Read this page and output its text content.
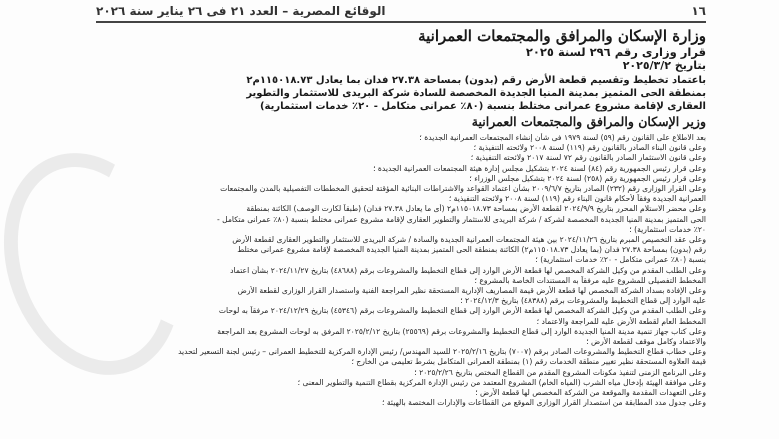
١٦
الوقائع المصرية – العدد ٢١ فى ٢٦ يناير سنة ٢٠٢٦

وزارة الإسكان والمرافق والمجتمعات العمرانية

قرار وزارى رقم ٢٩٦ لسنة ٢٠٢٥

بتاريخ ٢٠٢٥/٣/٢

باعتماد تخطيط وتقسيم قطعة الأرض رقم (بدون) بمساحة ٢٧.٣٨ فدان بما يعادل ١١٥٠١٨.٧٣م٢

بمنطقة الحى المتميز بمدينة المنيا الجديدة المخصصة للسادة شركة البريدى للاستثمار والتطوير

العقارى لإقامة مشروع عمرانى مختلط بنسبة (٨٠٪ عمرانى متكامل - ٢٠٪ خدمات استثمارية)

وزير الإسكان والمرافق والمجتمعات العمرانية

بعد الاطلاع على القانون رقم (٥٩) لسنة ١٩٧٩ فى شأن إنشاء المجتمعات العمرانية الجديدة ؛

وعلى قانون البناء الصادر بالقانون رقم (١١٩) لسنة ٢٠٠٨ ولائحته التنفيذية ؛

وعلى قانون الاستثمار الصادر بالقانون رقم ٧٢ لسنة ٢٠١٧ ولائحته التنفيذية ؛

وعلى قرار رئيس الجمهورية رقم (٨٤) لسنة ٢٠٢٤ بتشكيل مجلس إدارة هيئة المجتمعات العمرانية الجديدة ؛

وعلى قرار رئيس الجمهورية رقم (٢٥٨) لسنة ٢٠٢٤ بتشكيل مجلس الوزراء ؛

وعلى القرار الوزارى رقم (٢٣٢) الصادر بتاريخ ٢٠٠٩/٦/٧ بشأن اعتماد القواعد والاشتراطات البنائية المؤقتة لتحقيق المخططات التفصيلية بالمدن والمجتمعات

العمرانية الجديدة وفقاً لأحكام قانون البناء رقم (١١٩) لسنة ٢٠٠٨ ولائحته التنفيذية ؛

وعلى محضر الاستلام المحرر بتاريخ ٢٠٢٤/٩/٩ لقطعة الأرض بمساحة ١١٥٠١٨.٧٣م٢ (أى ما يعادل ٢٧.٣٨ فدان) (طبقاً لكارت الوصف) الكائنة بمنطقة

الحى المتميز بمدينة المنيا الجديدة المخصصة لشركة / شركة البريدى للاستثمار والتطوير العقارى لإقامة مشروع عمرانى مختلط بنسبة (٨٠٪ عمرانى متكامل -

٢٠٪ خدمات استثمارية) ؛

وعلى عقد التخصيص المبرم بتاريخ ٢٠٢٤/١١/٢٦ بين هيئة المجتمعات العمرانية الجديدة والسادة / شركة البريدى للاستثمار والتطوير العقارى لقطعة الأرض

رقم (بدون) بمساحة ٢٧.٣٨ فدان (بما يعادل ١١٥٠١٨.٧٣م٢) الكائنة بمنطقة الحى المتميز بمدينة المنيا الجديدة المخصصة لإقامة مشروع عمرانى مختلط

بنسبة (٨٠٪ عمرانى متكامل - ٢٠٪ خدمات استثمارية) ؛

وعلى الطلب المقدم من وكيل الشركة المخصص لها قطعة الأرض الوارد إلى قطاع التخطيط والمشروعات برقم (٤٨٦٨٨) بتاريخ ٢٠٢٤/١١/٢٧ بشأن اعتماد

المخطط التفصيلى للمشروع عليه مرفقاً به المستندات الخاصة بالمشروع ؛

وعلى الإفادة بسداد الشركة المخصص لها قطعة الأرض قيمة المصاريف الإدارية المستحقة نظير المراجعة الفنية واستصدار القرار الوزارى لقطعة الأرض

عليه الوارد إلى قطاع التخطيط والمشروعات برقم (٤٨٣٨٨) بتاريخ ٢٠٢٤/١٢/٣ ؛

وعلى الطلب المقدم من وكيل الشركة المخصص لها قطعة الأرض الوارد إلى قطاع التخطيط والمشروعات برقم (٤٥٣٤٦) بتاريخ ٢٠٢٤/١٢/٢٩ مرفقاً به لوحات

المخطط العام لقطعة الأرض عليه للمراجعة والاعتماد ؛

وعلى كتاب جهاز تنمية مدينة المنيا الجديدة الوارد إلى قطاع التخطيط والمشروعات برقم (٢٥٥٦٩) بتاريخ ٢٠٢٥/٢/١٢ المرفق به لوحات المشروع بعد المراجعة

والاعتماد وكامل موقف لقطعة الأرض ؛

وعلى خطاب قطاع التخطيط والمشروعات الصادر برقم (٧٠٠٧) بتاريخ ٢٠٢٥/٢/١٦ للسيد المهندس/ رئيس الإدارة المركزية للتخطيط العمرانى – رئيس لجنة التسعير لتحديد

قيمة العلاوة المستحقة نظير تغيير منطقة الخدمات رقم (١) بمنطقة العمرانى المتكامل بشرط تعليمى من الخارج ؛

وعلى البرنامج الزمنى لتنفيذ مكونات المشروع المقدم من القطاع المختص بتاريخ ٢٠٢٥/٢/٢٦ ؛

وعلى موافقة الهيئة بإدخال مياه الشرب (المياه الخام) المشروع المعتمد من رئيس الإدارة المركزية بقطاع التنمية والتطوير المعنى ؛

وعلى التعهدات المقدمة والموقعة من الشركة المخصص لها قطعة الأرض ؛

وعلى جدول مدد المطابقة من استصدار القرار الوزارى الموقع من القطاعات والإدارات المختصة بالهيئة ؛
